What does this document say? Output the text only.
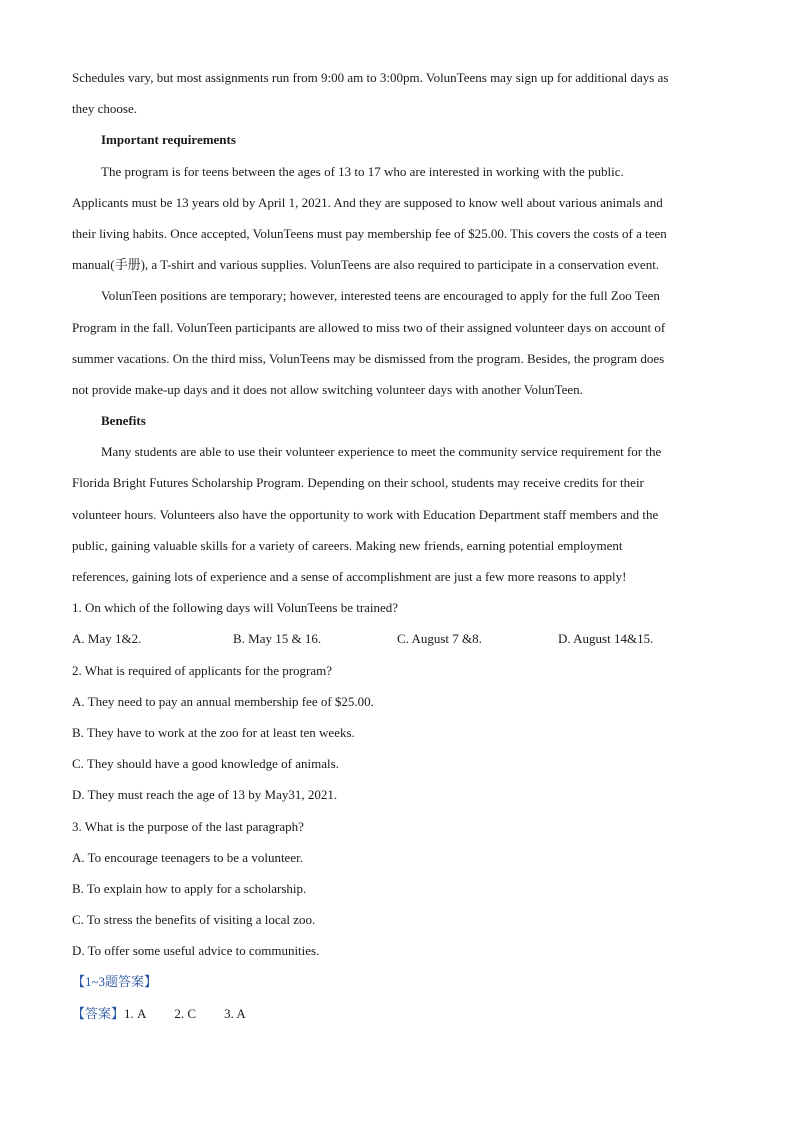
Schedules vary, but most assignments run from 9:00 am to 3:00pm. VolunTeens may sign up for additional days as
they choose.
Important requirements
The program is for teens between the ages of 13 to 17 who are interested in working with the public.
Applicants must be 13 years old by April 1, 2021. And they are supposed to know well about various animals and
their living habits. Once accepted, VolunTeens must pay membership fee of $25.00. This covers the costs of a teen
manual(手册), a T-shirt and various supplies. VolunTeens are also required to participate in a conservation event.
VolunTeen positions are temporary; however, interested teens are encouraged to apply for the full Zoo Teen
Program in the fall. VolunTeen participants are allowed to miss two of their assigned volunteer days on account of
summer vacations. On the third miss, VolunTeens may be dismissed from the program. Besides, the program does
not provide make-up days and it does not allow switching volunteer days with another VolunTeen.
Benefits
Many students are able to use their volunteer experience to meet the community service requirement for the
Florida Bright Futures Scholarship Program. Depending on their school, students may receive credits for their
volunteer hours. Volunteers also have the opportunity to work with Education Department staff members and the
public, gaining valuable skills for a variety of careers. Making new friends, earning potential employment
references, gaining lots of experience and a sense of accomplishment are just a few more reasons to apply!
1. On which of the following days will VolunTeens be trained?
A. May 1&2.	B. May 15 & 16.	C. August 7 &8.	D. August 14&15.
2. What is required of applicants for the program?
A. They need to pay an annual membership fee of $25.00.
B. They have to work at the zoo for at least ten weeks.
C. They should have a good knowledge of animals.
D. They must reach the age of 13 by May31, 2021.
3. What is the purpose of the last paragraph?
A. To encourage teenagers to be a volunteer.
B. To explain how to apply for a scholarship.
C. To stress the benefits of visiting a local zoo.
D. To offer some useful advice to communities.
【1~3题答案】
【答案】1. A 2. C 3. A
